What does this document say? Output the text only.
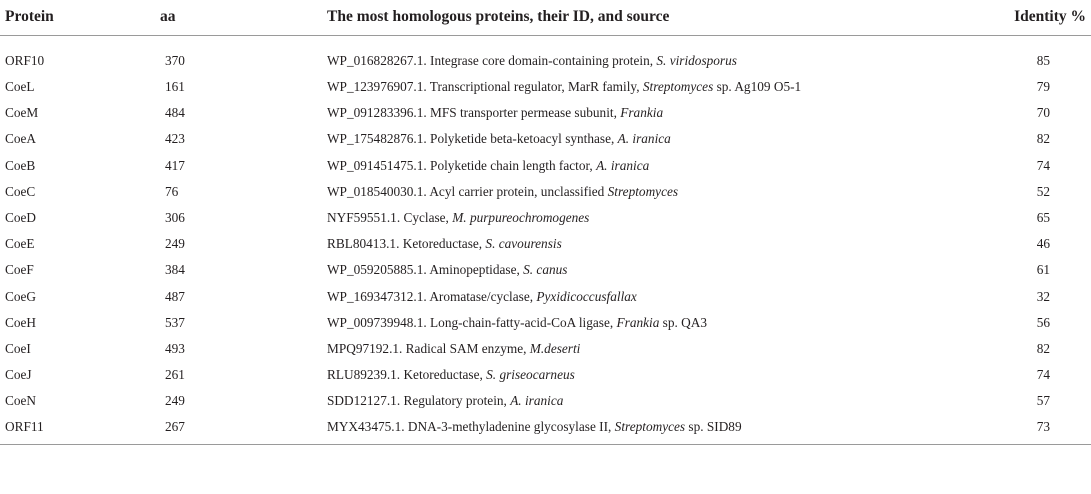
Protein	aa	The most homologous proteins, their ID, and source	Identity %
ORF10	370	WP_016828267.1. Integrase core domain-containing protein, S. viridosporus	85
CoeL	161	WP_123976907.1. Transcriptional regulator, MarR family, Streptomyces sp. Ag109 O5-1	79
CoeM	484	WP_091283396.1. MFS transporter permease subunit, Frankia	70
CoeA	423	WP_175482876.1. Polyketide beta-ketoacyl synthase, A. iranica	82
CoeB	417	WP_091451475.1. Polyketide chain length factor, A. iranica	74
CoeC	76	WP_018540030.1. Acyl carrier protein, unclassified Streptomyces	52
CoeD	306	NYF59551.1. Cyclase, M. purpureochromogenes	65
CoeE	249	RBL80413.1. Ketoreductase, S. cavourensis	46
CoeF	384	WP_059205885.1. Aminopeptidase, S. canus	61
CoeG	487	WP_169347312.1. Aromatase/cyclase, Pyxidicoccusfallax	32
CoeH	537	WP_009739948.1. Long-chain-fatty-acid-CoA ligase, Frankia sp. QA3	56
CoeI	493	MPQ97192.1. Radical SAM enzyme, M.deserti	82
CoeJ	261	RLU89239.1. Ketoreductase, S. griseocarneus	74
CoeN	249	SDD12127.1. Regulatory protein, A. iranica	57
ORF11	267	MYX43475.1. DNA-3-methyladenine glycosylase II, Streptomyces sp. SID89	73
